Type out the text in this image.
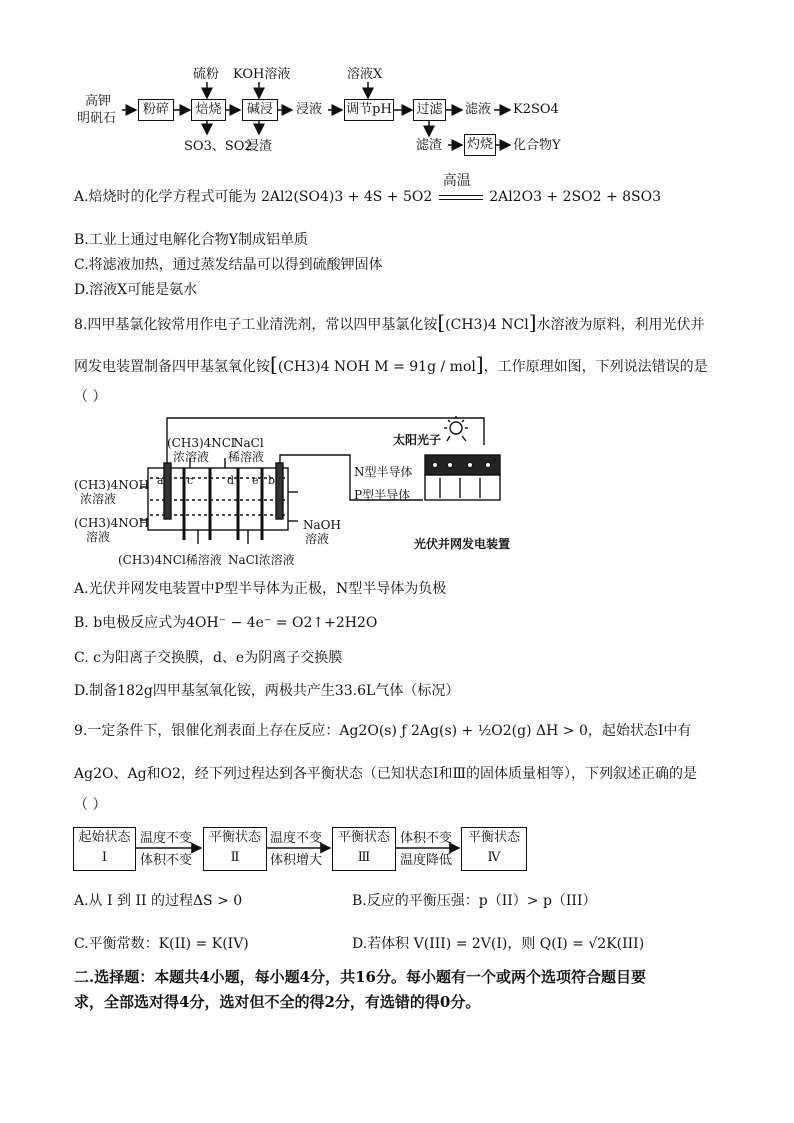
高钾
明矾石
粉碎	焙烧	碱浸
硫粉 KOH溶液
SO3、SO2
浸渣
浸液
溶液X
调节pH 过滤 滤液 K2SO4
滤渣 灼烧 化合物Y
A.焙烧时的化学方程式可能为 2Al2(SO4)3 + 4S + 5O2
高温
2Al2O3 + 2SO2 + 8SO3
B.工业上通过电解化合物Y制成铝单质
C.将滤液加热，通过蒸发结晶可以得到硫酸钾固体
D.溶液X可能是氨水
8.四甲基氯化铵常用作电子工业清洗剂，常以四甲基氯化铵[(CH3)4 NCl]水溶液为原料，利用光伏并
网发电装置制备四甲基氢氧化铵[(CH3)4 NOH M = 91g / mol]，工作原理如图，下列说法错误的是
（ ）
(CH3)4NCl
浓溶液
NaCl
稀溶液
太阳光子
(CH3)4NOH
浓溶液
(CH3)4NOH
溶液
NaOH
溶液
N型半导体
P型半导体
(CH3)4NCl稀溶液 NaCl浓溶液
光伏并网发电装置
a c	d e b
A.光伏并网发电装置中P型半导体为正极，N型半导体为负极
B. b电极反应式为4OH⁻ − 4e⁻ = O2↑+2H2O
C. c为阳离子交换膜，d、e为阴离子交换膜
D.制备182g四甲基氢氧化铵，两极共产生33.6L气体（标况）
9.一定条件下，银催化剂表面上存在反应：Ag2O(s) ƒ 2Ag(s) + ½O2(g) ΔH > 0，起始状态Ⅰ中有
Ag2O、Ag和O2，经下列过程达到各平衡状态（已知状态Ⅰ和Ⅲ的固体质量相等），下列叙述正确的是
（ ）
起始状态
Ⅰ
温度不变
体积不变
平衡状态
Ⅱ
温度不变
体积增大
平衡状态
Ⅲ
体积不变
温度降低
平衡状态
Ⅳ
A.从 I 到 II 的过程ΔS > 0	B.反应的平衡压强：p（II）> p（III）
C.平衡常数：K(II) = K(IV)	D.若体积 V(III) = 2V(I)，则 Q(I) = √2K(III)
二.选择题：本题共4小题，每小题4分，共16分。每小题有一个或两个选项符合题目要
求，全部选对得4分，选对但不全的得2分，有选错的得0分。
